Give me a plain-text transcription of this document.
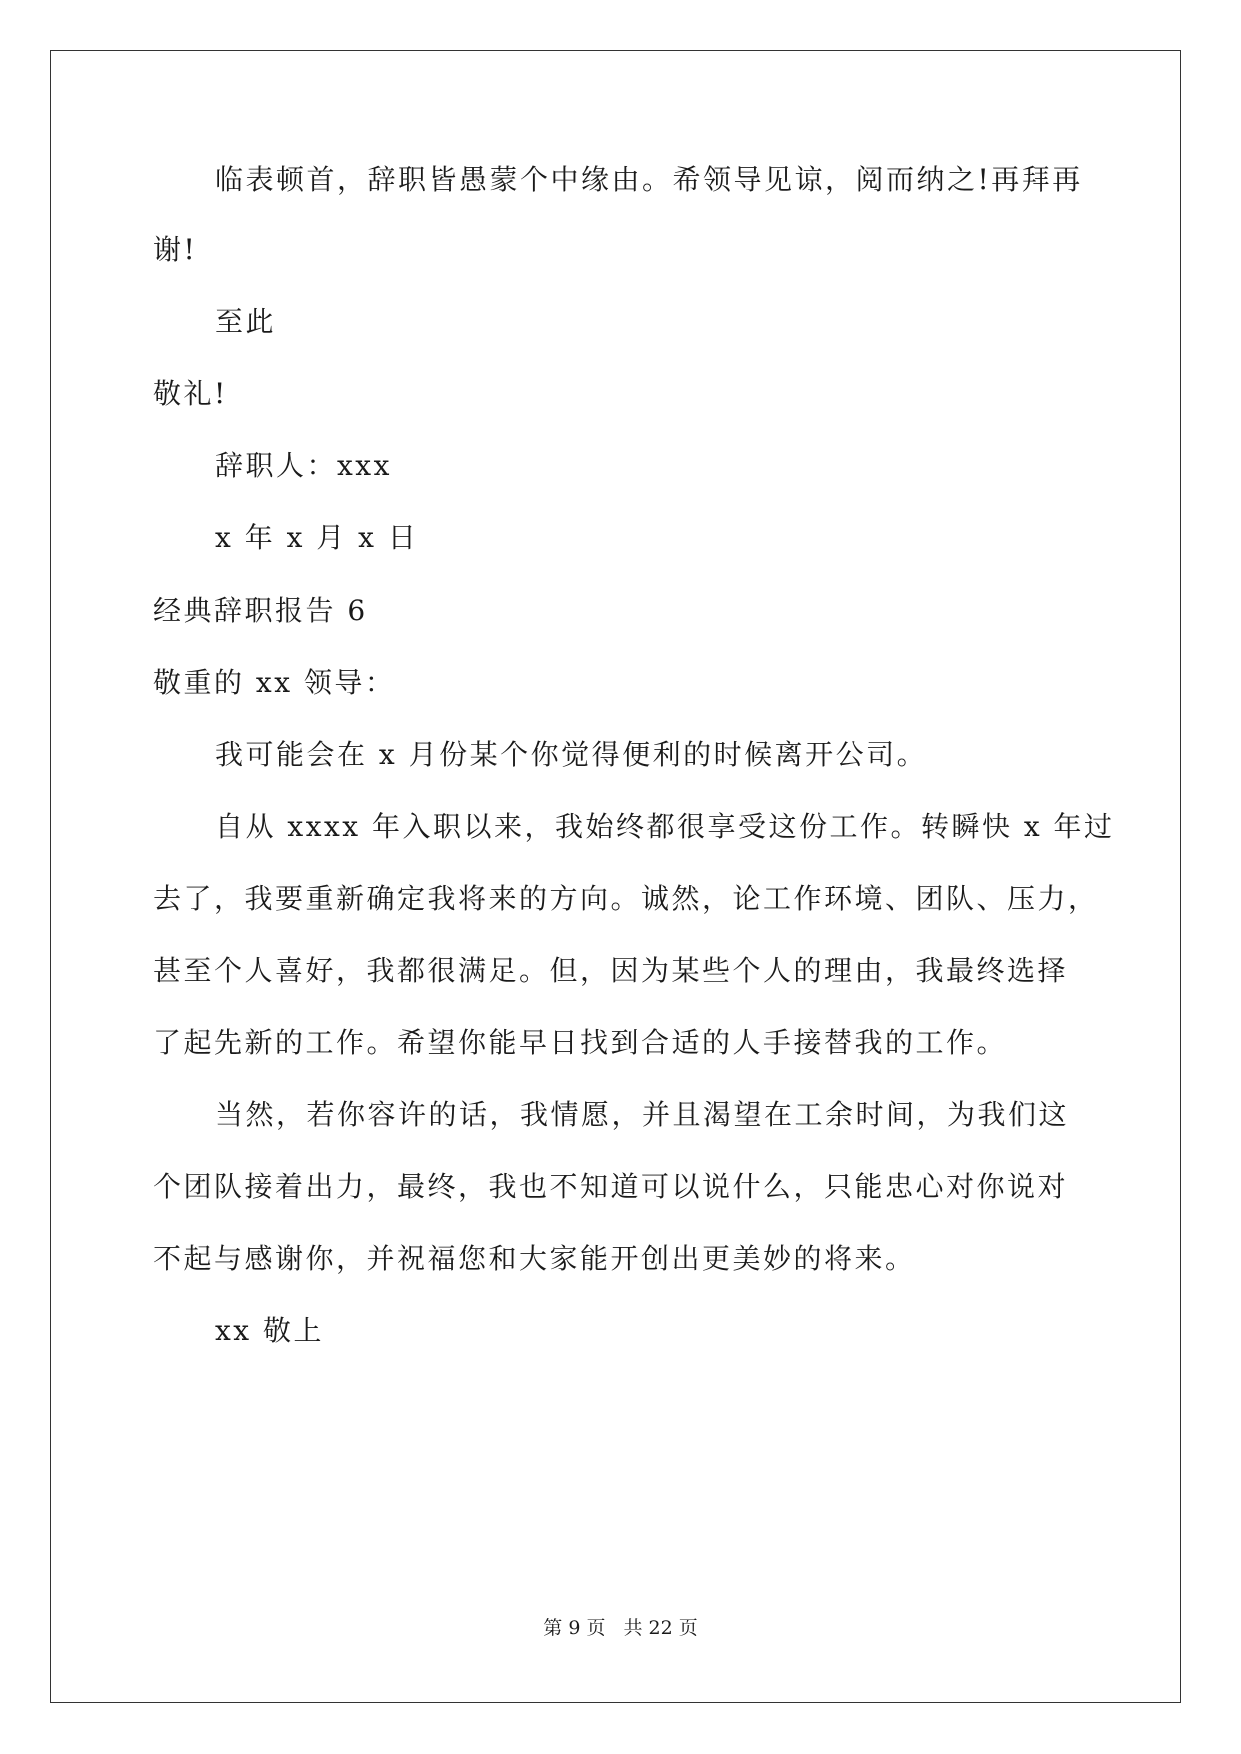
临表顿首，辞职皆愚蒙个中缘由。希领导见谅，阅而纳之!再拜再
谢!
至此
敬礼!
辞职人：xxx
x 年 x 月 x 日
经典辞职报告 6
敬重的 xx 领导：
我可能会在 x 月份某个你觉得便利的时候离开公司。
自从 xxxx 年入职以来，我始终都很享受这份工作。转瞬快 x 年过
去了，我要重新确定我将来的方向。诚然，论工作环境、团队、压力，
甚至个人喜好，我都很满足。但，因为某些个人的理由，我最终选择
了起先新的工作。希望你能早日找到合适的人手接替我的工作。
当然，若你容许的话，我情愿，并且渴望在工余时间，为我们这
个团队接着出力，最终，我也不知道可以说什么，只能忠心对你说对
不起与感谢你，并祝福您和大家能开创出更美妙的将来。
xx 敬上
第 9 页 共 22 页
